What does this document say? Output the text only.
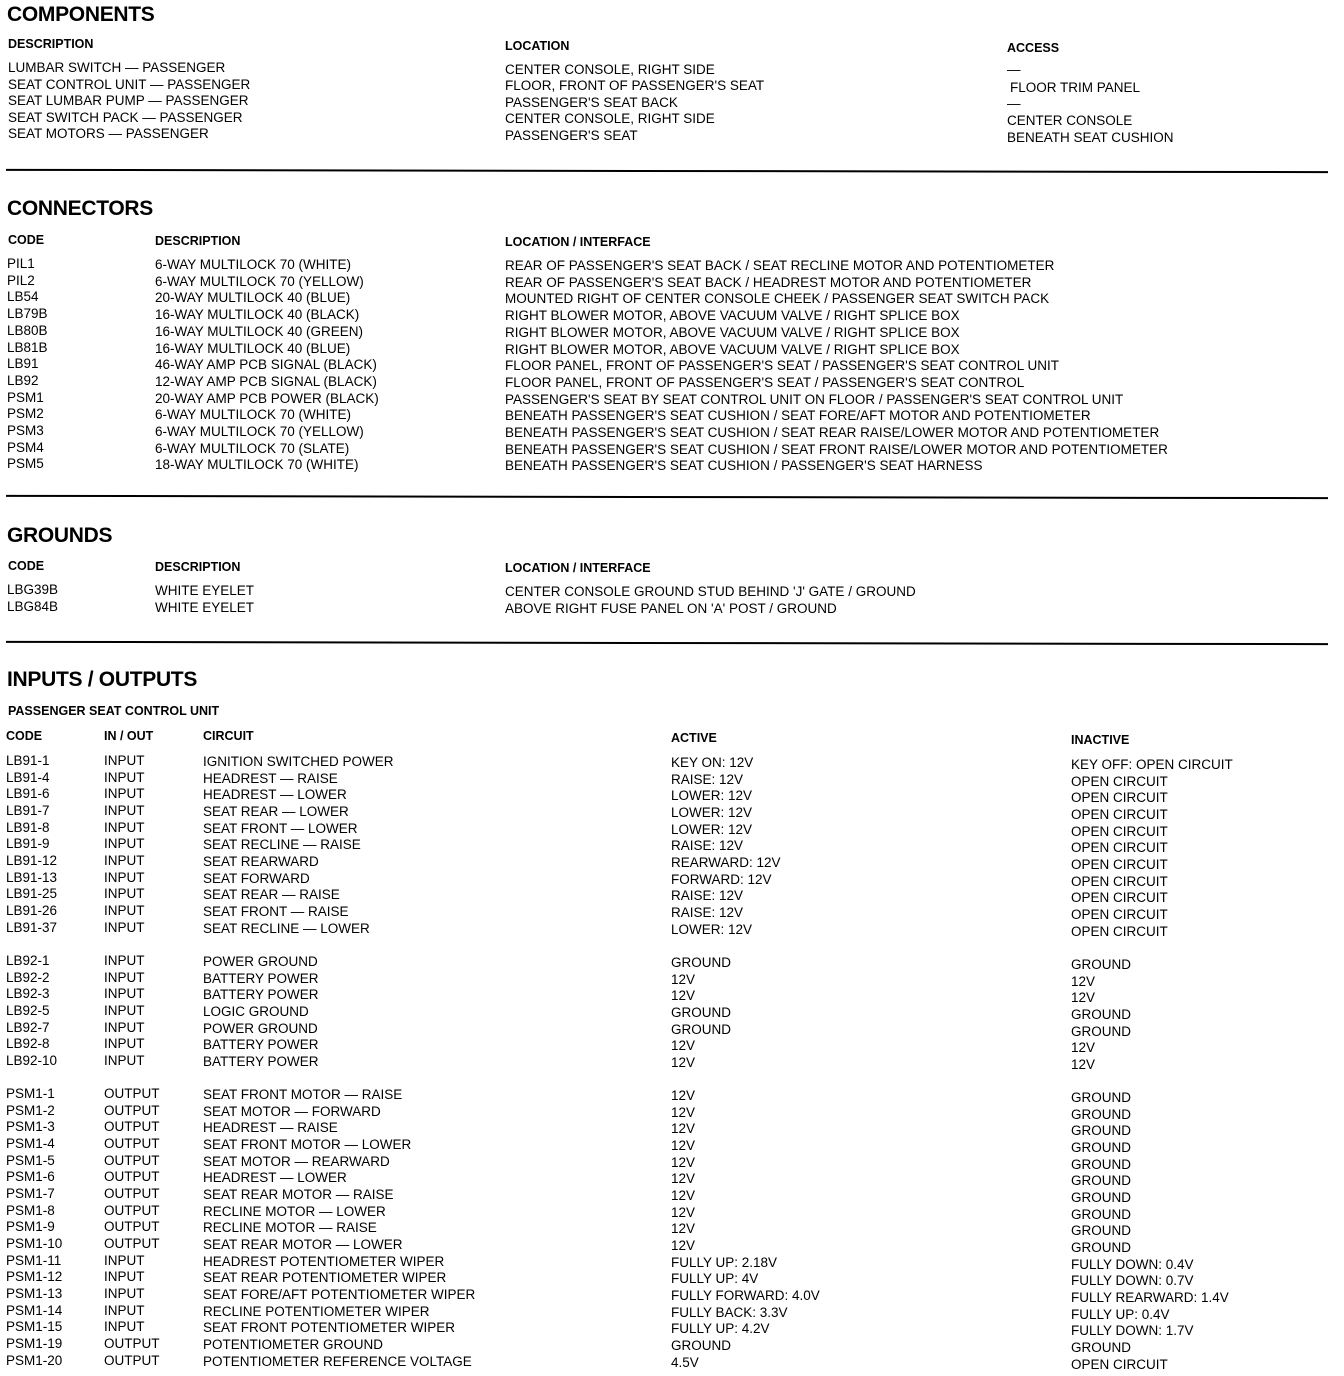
COMPONENTS
DESCRIPTION	LOCATION	ACCESS
LUMBAR SWITCH — PASSENGER	CENTER CONSOLE, RIGHT SIDE	—
SEAT CONTROL UNIT — PASSENGER	FLOOR, FRONT OF PASSENGER'S SEAT	FLOOR TRIM PANEL
SEAT LUMBAR PUMP — PASSENGER	PASSENGER'S SEAT BACK	—
SEAT SWITCH PACK — PASSENGER	CENTER CONSOLE, RIGHT SIDE	CENTER CONSOLE
SEAT MOTORS — PASSENGER	PASSENGER'S SEAT	BENEATH SEAT CUSHION
CONNECTORS
CODE	DESCRIPTION	LOCATION / INTERFACE
PIL1	6-WAY MULTILOCK 70 (WHITE)	REAR OF PASSENGER'S SEAT BACK / SEAT RECLINE MOTOR AND POTENTIOMETER
PIL2	6-WAY MULTILOCK 70 (YELLOW)	REAR OF PASSENGER'S SEAT BACK / HEADREST MOTOR AND POTENTIOMETER
LB54	20-WAY MULTILOCK 40 (BLUE)	MOUNTED RIGHT OF CENTER CONSOLE CHEEK / PASSENGER SEAT SWITCH PACK
LB79B	16-WAY MULTILOCK 40 (BLACK)	RIGHT BLOWER MOTOR, ABOVE VACUUM VALVE / RIGHT SPLICE BOX
LB80B	16-WAY MULTILOCK 40 (GREEN)	RIGHT BLOWER MOTOR, ABOVE VACUUM VALVE / RIGHT SPLICE BOX
LB81B	16-WAY MULTILOCK 40 (BLUE)	RIGHT BLOWER MOTOR, ABOVE VACUUM VALVE / RIGHT SPLICE BOX
LB91	46-WAY AMP PCB SIGNAL (BLACK)	FLOOR PANEL, FRONT OF PASSENGER'S SEAT / PASSENGER'S SEAT CONTROL UNIT
LB92	12-WAY AMP PCB SIGNAL (BLACK)	FLOOR PANEL, FRONT OF PASSENGER'S SEAT / PASSENGER'S SEAT CONTROL
PSM1	20-WAY AMP PCB POWER (BLACK)	PASSENGER'S SEAT BY SEAT CONTROL UNIT ON FLOOR / PASSENGER'S SEAT CONTROL UNIT
PSM2	6-WAY MULTILOCK 70 (WHITE)	BENEATH PASSENGER'S SEAT CUSHION / SEAT FORE/AFT MOTOR AND POTENTIOMETER
PSM3	6-WAY MULTILOCK 70 (YELLOW)	BENEATH PASSENGER'S SEAT CUSHION / SEAT REAR RAISE/LOWER MOTOR AND POTENTIOMETER
PSM4	6-WAY MULTILOCK 70 (SLATE)	BENEATH PASSENGER'S SEAT CUSHION / SEAT FRONT RAISE/LOWER MOTOR AND POTENTIOMETER
PSM5	18-WAY MULTILOCK 70 (WHITE)	BENEATH PASSENGER'S SEAT CUSHION / PASSENGER'S SEAT HARNESS
GROUNDS
CODE	DESCRIPTION	LOCATION / INTERFACE
LBG39B	WHITE EYELET	CENTER CONSOLE GROUND STUD BEHIND 'J' GATE / GROUND
LBG84B	WHITE EYELET	ABOVE RIGHT FUSE PANEL ON 'A' POST / GROUND
INPUTS / OUTPUTS
PASSENGER SEAT CONTROL UNIT
CODE	IN / OUT	CIRCUIT	ACTIVE	INACTIVE
LB91-1	INPUT	IGNITION SWITCHED POWER	KEY ON: 12V	KEY OFF: OPEN CIRCUIT
LB91-4	INPUT	HEADREST — RAISE	RAISE: 12V	OPEN CIRCUIT
LB91-6	INPUT	HEADREST — LOWER	LOWER: 12V	OPEN CIRCUIT
LB91-7	INPUT	SEAT REAR — LOWER	LOWER: 12V	OPEN CIRCUIT
LB91-8	INPUT	SEAT FRONT — LOWER	LOWER: 12V	OPEN CIRCUIT
LB91-9	INPUT	SEAT RECLINE — RAISE	RAISE: 12V	OPEN CIRCUIT
LB91-12	INPUT	SEAT REARWARD	REARWARD: 12V	OPEN CIRCUIT
LB91-13	INPUT	SEAT FORWARD	FORWARD: 12V	OPEN CIRCUIT
LB91-25	INPUT	SEAT REAR — RAISE	RAISE: 12V	OPEN CIRCUIT
LB91-26	INPUT	SEAT FRONT — RAISE	RAISE: 12V	OPEN CIRCUIT
LB91-37	INPUT	SEAT RECLINE — LOWER	LOWER: 12V	OPEN CIRCUIT
LB92-1	INPUT	POWER GROUND	GROUND	GROUND
LB92-2	INPUT	BATTERY POWER	12V	12V
LB92-3	INPUT	BATTERY POWER	12V	12V
LB92-5	INPUT	LOGIC GROUND	GROUND	GROUND
LB92-7	INPUT	POWER GROUND	GROUND	GROUND
LB92-8	INPUT	BATTERY POWER	12V	12V
LB92-10	INPUT	BATTERY POWER	12V	12V
PSM1-1	OUTPUT	SEAT FRONT MOTOR — RAISE	12V	GROUND
PSM1-2	OUTPUT	SEAT MOTOR — FORWARD	12V	GROUND
PSM1-3	OUTPUT	HEADREST — RAISE	12V	GROUND
PSM1-4	OUTPUT	SEAT FRONT MOTOR — LOWER	12V	GROUND
PSM1-5	OUTPUT	SEAT MOTOR — REARWARD	12V	GROUND
PSM1-6	OUTPUT	HEADREST — LOWER	12V	GROUND
PSM1-7	OUTPUT	SEAT REAR MOTOR — RAISE	12V	GROUND
PSM1-8	OUTPUT	RECLINE MOTOR — LOWER	12V	GROUND
PSM1-9	OUTPUT	RECLINE MOTOR — RAISE	12V	GROUND
PSM1-10	OUTPUT	SEAT REAR MOTOR — LOWER	12V	GROUND
PSM1-11	INPUT	HEADREST POTENTIOMETER WIPER	FULLY UP: 2.18V	FULLY DOWN: 0.4V
PSM1-12	INPUT	SEAT REAR POTENTIOMETER WIPER	FULLY UP: 4V	FULLY DOWN: 0.7V
PSM1-13	INPUT	SEAT FORE/AFT POTENTIOMETER WIPER	FULLY FORWARD: 4.0V	FULLY REARWARD: 1.4V
PSM1-14	INPUT	RECLINE POTENTIOMETER WIPER	FULLY BACK: 3.3V	FULLY UP: 0.4V
PSM1-15	INPUT	SEAT FRONT POTENTIOMETER WIPER	FULLY UP: 4.2V	FULLY DOWN: 1.7V
PSM1-19	OUTPUT	POTENTIOMETER GROUND	GROUND	GROUND
PSM1-20	OUTPUT	POTENTIOMETER REFERENCE VOLTAGE	4.5V	OPEN CIRCUIT
